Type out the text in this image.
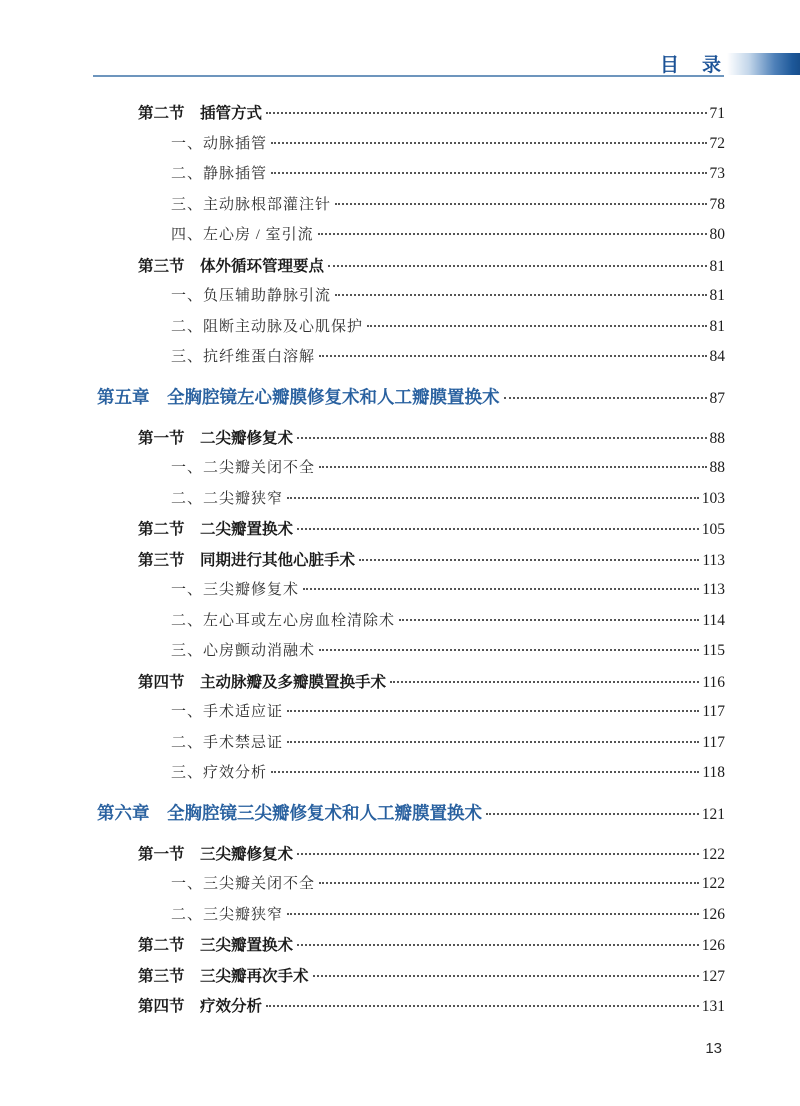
目　录
第二节　插管方式	71
一、动脉插管	72
二、静脉插管	73
三、主动脉根部灌注针	78
四、左心房 / 室引流	80
第三节　体外循环管理要点	81
一、负压辅助静脉引流	81
二、阻断主动脉及心肌保护	81
三、抗纤维蛋白溶解	84
第五章　全胸腔镜左心瓣膜修复术和人工瓣膜置换术	87
第一节　二尖瓣修复术	88
一、二尖瓣关闭不全	88
二、二尖瓣狭窄	103
第二节　二尖瓣置换术	105
第三节　同期进行其他心脏手术	113
一、三尖瓣修复术	113
二、左心耳或左心房血栓清除术	114
三、心房颤动消融术	115
第四节　主动脉瓣及多瓣膜置换手术	116
一、手术适应证	117
二、手术禁忌证	117
三、疗效分析	118
第六章　全胸腔镜三尖瓣修复术和人工瓣膜置换术	121
第一节　三尖瓣修复术	122
一、三尖瓣关闭不全	122
二、三尖瓣狭窄	126
第二节　三尖瓣置换术	126
第三节　三尖瓣再次手术	127
第四节　疗效分析	131
13
